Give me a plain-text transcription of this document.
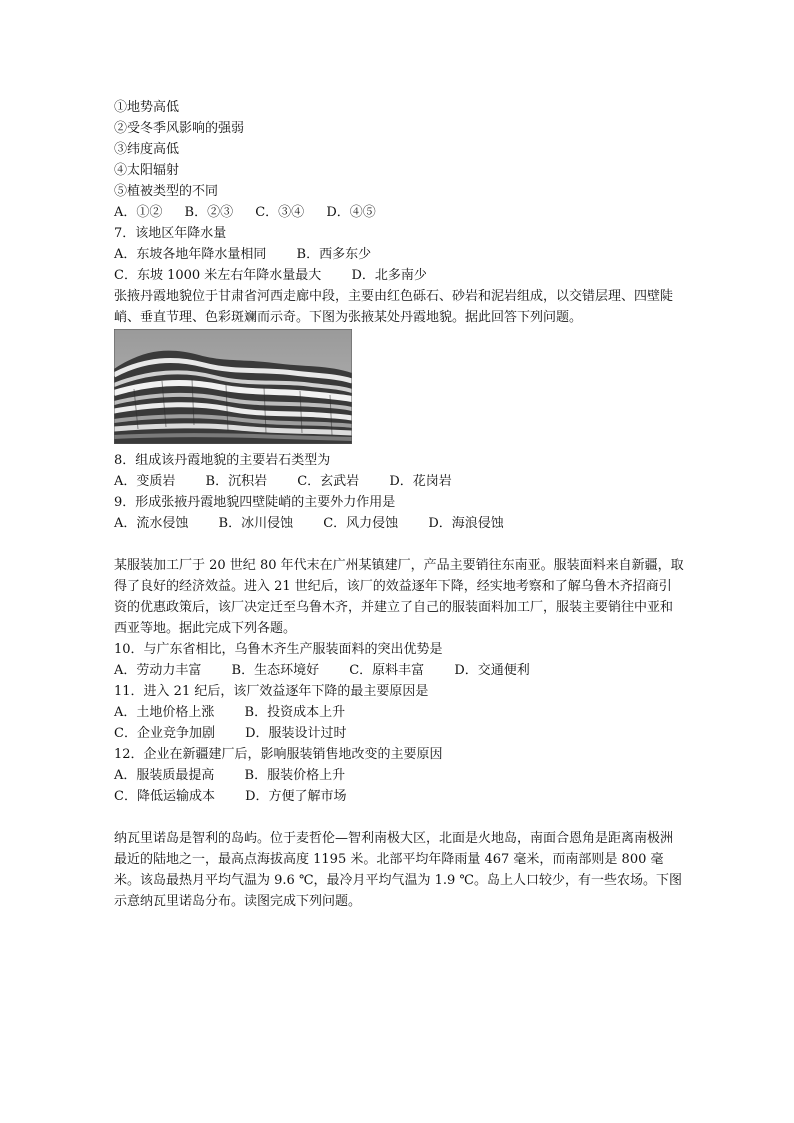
①地势高低
②受冬季风影响的强弱
③纬度高低
④太阳辐射
⑤植被类型的不同
A．①② B．②③ C．③④ D．④⑤
7．该地区年降水量
A．东坡各地年降水量相同 B．西多东少
C．东坡 1000 米左右年降水量最大 D．北多南少
张掖丹霞地貌位于甘肃省河西走廊中段，主要由红色砾石、砂岩和泥岩组成，以交错层理、四壁陡峭、垂直节理、色彩斑斓而示奇。下图为张掖某处丹霞地貌。据此回答下列问题。
8．组成该丹霞地貌的主要岩石类型为
A．变质岩 B．沉积岩 C．玄武岩 D．花岗岩
9．形成张掖丹霞地貌四壁陡峭的主要外力作用是
A．流水侵蚀 B．冰川侵蚀 C．风力侵蚀 D．海浪侵蚀
某服装加工厂于 20 世纪 80 年代末在广州某镇建厂，产品主要销往东南亚。服装面料来自新疆，取得了良好的经济效益。进入 21 世纪后，该厂的效益逐年下降，经实地考察和了解乌鲁木齐招商引资的优惠政策后，该厂决定迁至乌鲁木齐，并建立了自己的服装面料加工厂，服装主要销往中亚和西亚等地。据此完成下列各题。
10．与广东省相比，乌鲁木齐生产服装面料的突出优势是
A．劳动力丰富 B．生态环境好 C．原料丰富 D．交通便利
11．进入 21 纪后，该厂效益逐年下降的最主要原因是
A．土地价格上涨 B．投资成本上升
C．企业竞争加剧 D．服装设计过时
12．企业在新疆建厂后，影响服装销售地改变的主要原因
A．服装质最提高 B．服装价格上升
C．降低运输成本 D．方便了解市场
纳瓦里诺岛是智利的岛屿。位于麦哲伦—智利南极大区，北面是火地岛，南面合恩角是距离南极洲最近的陆地之一，最高点海拔高度 1195 米。北部平均年降雨量 467 毫米，而南部则是 800 毫米。该岛最热月平均气温为 9.6 ℃，最冷月平均气温为 1.9 ℃。岛上人口较少，有一些农场。下图示意纳瓦里诺岛分布。读图完成下列问题。
